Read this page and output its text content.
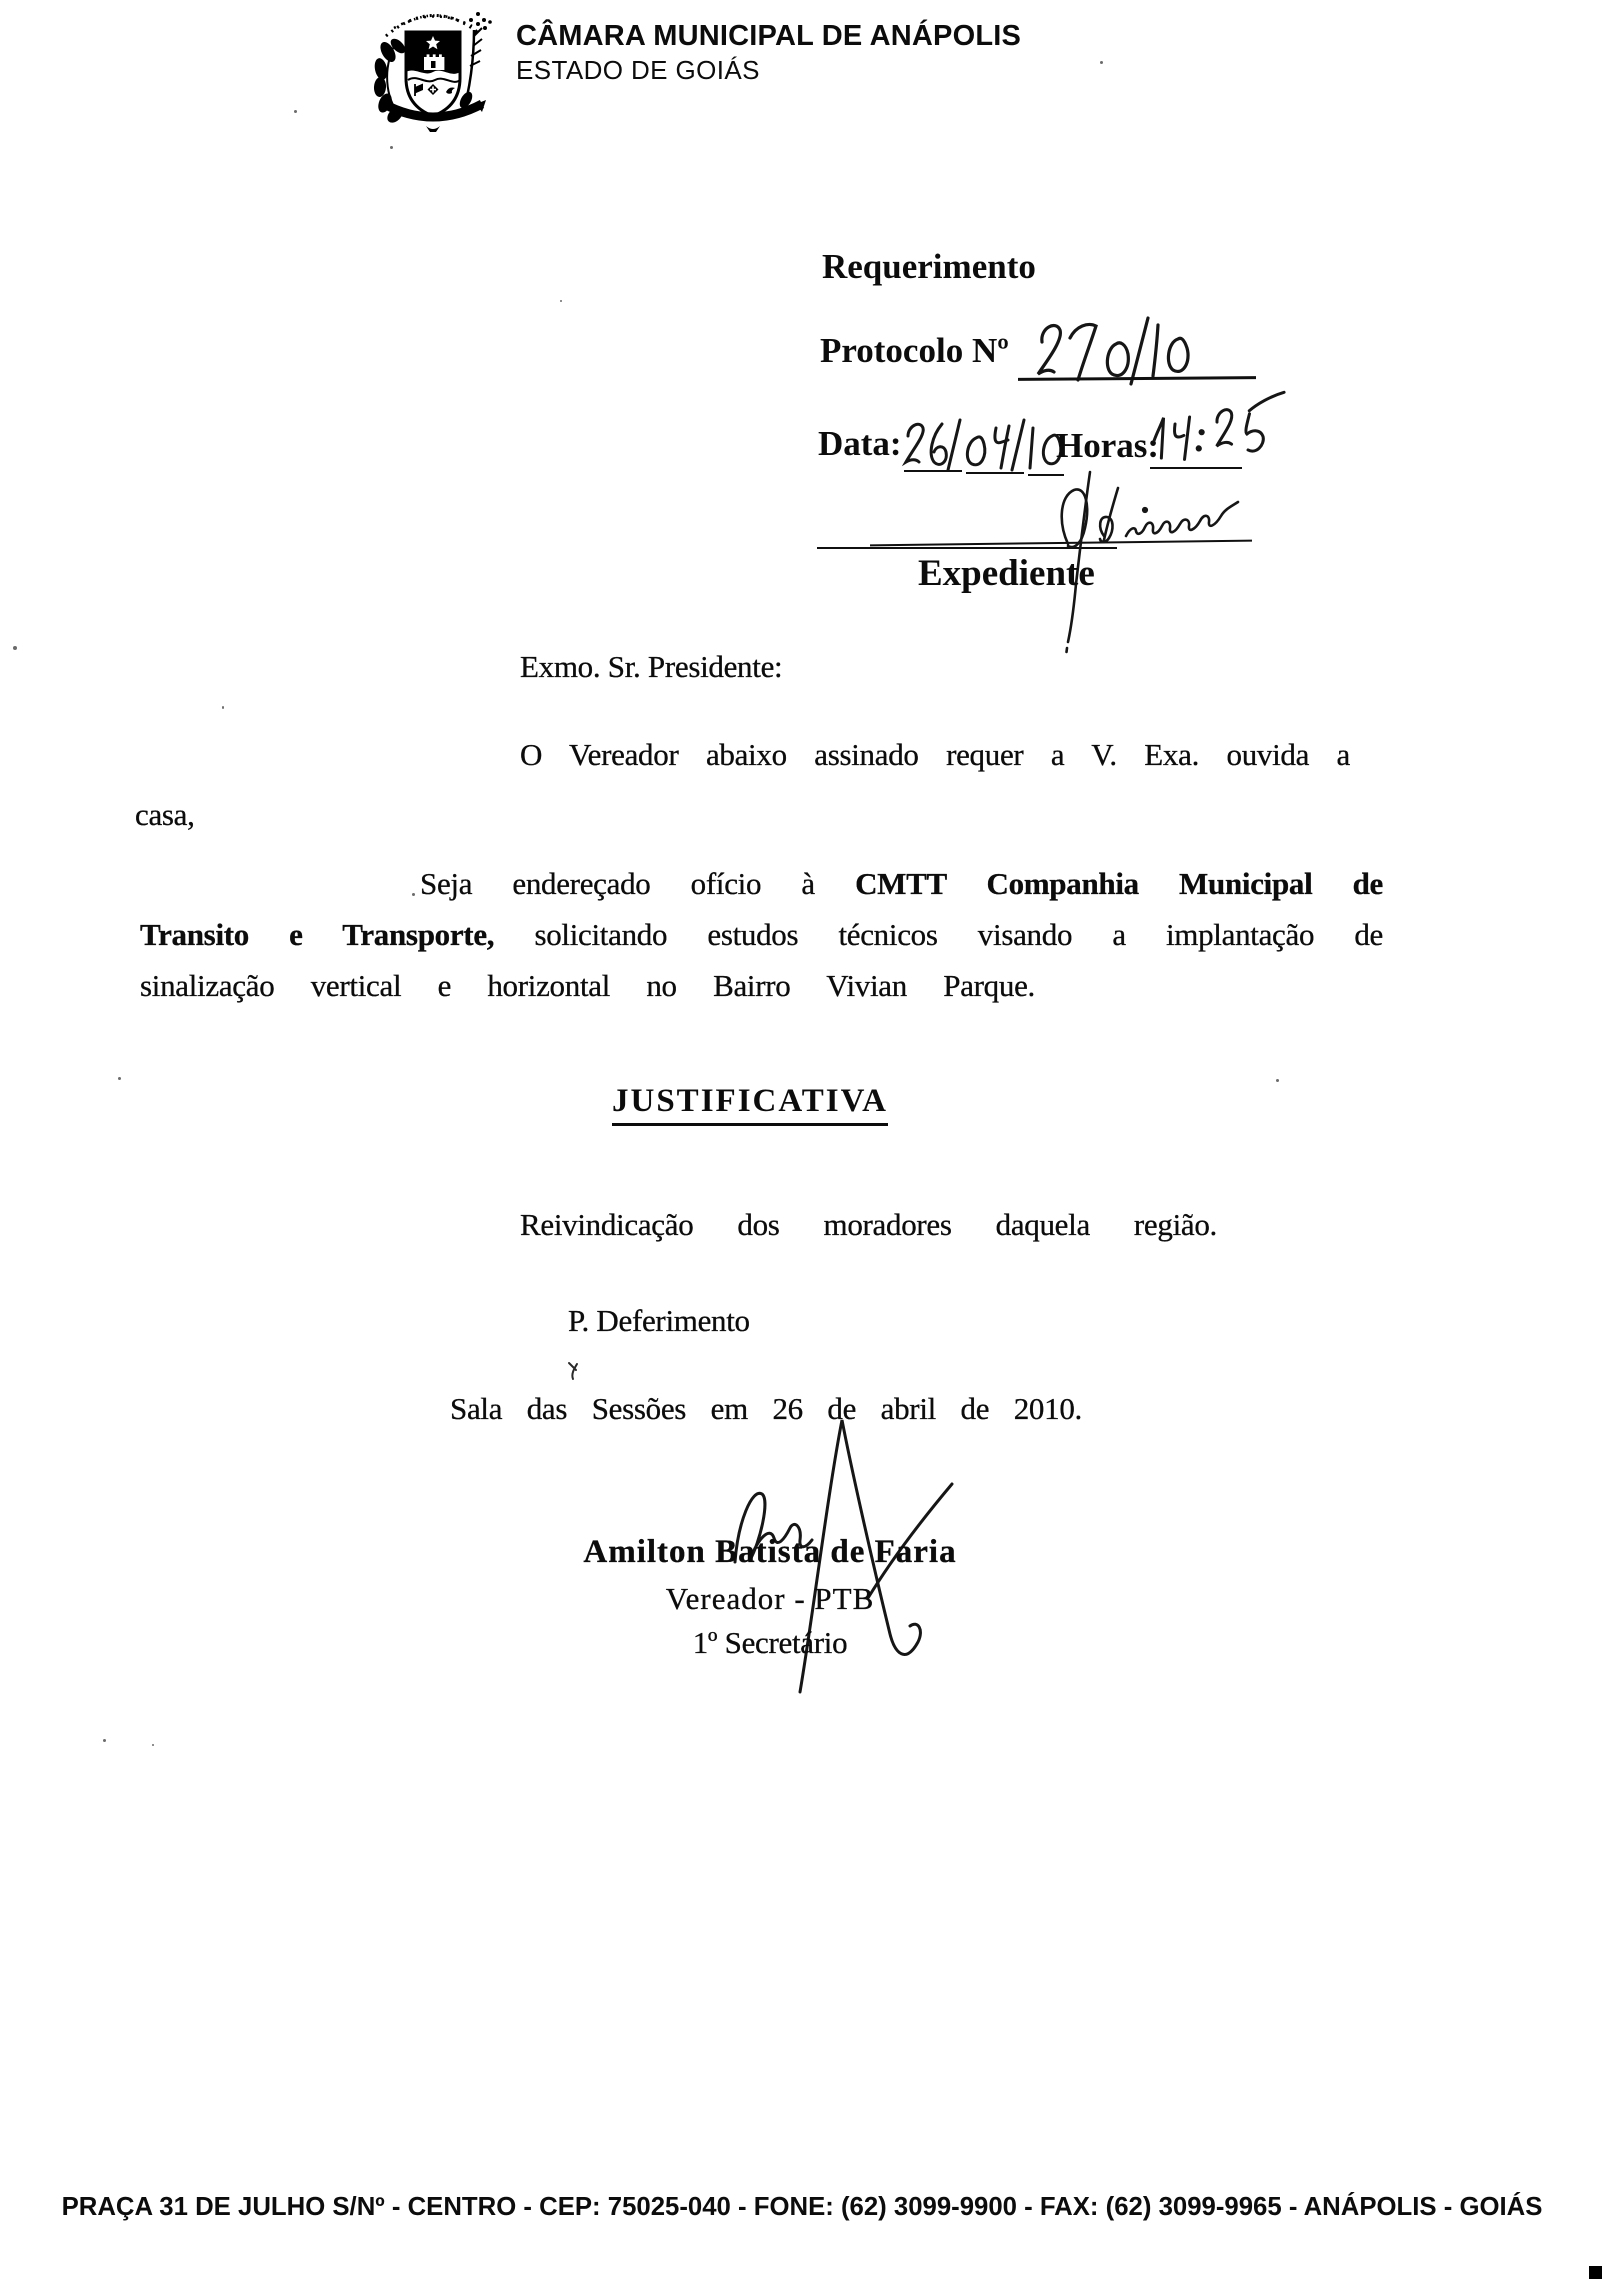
CÂMARA MUNICIPAL DE ANÁPOLIS
ESTADO DE GOIÁS
Requerimento
Protocolo Nº
Data:	Horas:
Expediente
Exmo. Sr. Presidente:
O Vereador abaixo assinado requer a V. Exa. ouvida a
casa,
Seja endereçado ofício à CMTT Companhia Municipal de
Transito e Transporte, solicitando estudos técnicos visando a implantação de
sinalização vertical e horizontal no Bairro Vivian Parque.
JUSTIFICATIVA
Reivindicação dos moradores daquela região.
P. Deferimento
Sala das Sessões em 26 de abril de 2010.
Amilton Batista de Faria
Vereador - PTB
1º Secretário
PRAÇA 31 DE JULHO S/Nº - CENTRO - CEP: 75025-040 - FONE: (62) 3099-9900 - FAX: (62) 3099-9965 - ANÁPOLIS - GOIÁS
